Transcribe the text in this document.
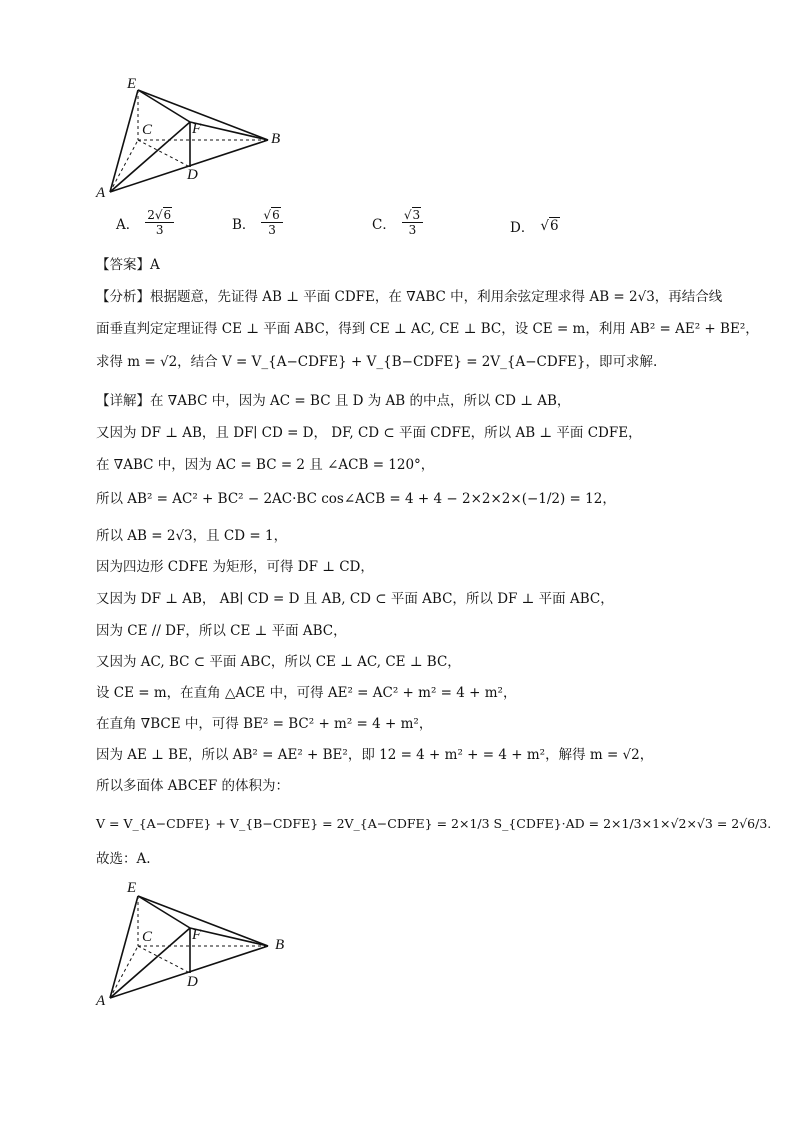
E
C	F
B
D
A
A． $\frac{2√6}{3}$	B． $\frac{√6}{3}$	C． $\frac{√3}{3}$	D． √6
【答案】A
【分析】根据题意，先证得 AB ⊥ 平面 CDFE，在 ∇ABC 中，利用余弦定理求得 AB = 2√3，再结合线
面垂直判定定理证得 CE ⊥ 平面 ABC，得到 CE ⊥ AC, CE ⊥ BC，设 CE = m，利用 AB² = AE² + BE²，
求得 m = √2，结合 V = V_{A−CDFE} + V_{B−CDFE} = 2V_{A−CDFE}，即可求解.
【详解】在 ∇ABC 中，因为 AC = BC 且 D 为 AB 的中点，所以 CD ⊥ AB，
又因为 DF ⊥ AB，且 DF∣ CD = D， DF, CD ⊂ 平面 CDFE，所以 AB ⊥ 平面 CDFE，
在 ∇ABC 中，因为 AC = BC = 2 且 ∠ACB = 120°，
所以 AB² = AC² + BC² − 2AC·BC cos∠ACB = 4 + 4 − 2×2×2×(−1/2) = 12，
所以 AB = 2√3，且 CD = 1，
因为四边形 CDFE 为矩形，可得 DF ⊥ CD，
又因为 DF ⊥ AB， AB∣ CD = D 且 AB, CD ⊂ 平面 ABC，所以 DF ⊥ 平面 ABC，
因为 CE // DF，所以 CE ⊥ 平面 ABC，
又因为 AC, BC ⊂ 平面 ABC，所以 CE ⊥ AC, CE ⊥ BC，
设 CE = m，在直角 △ACE 中，可得 AE² = AC² + m² = 4 + m²，
在直角 ∇BCE 中，可得 BE² = BC² + m² = 4 + m²，
因为 AE ⊥ BE，所以 AB² = AE² + BE²，即 12 = 4 + m² + = 4 + m²，解得 m = √2，
所以多面体 ABCEF 的体积为：
V = V_{A−CDFE} + V_{B−CDFE} = 2V_{A−CDFE} = 2×1/3 S_{CDFE}·AD = 2×1/3×1×√2×√3 = 2√6/3.
故选：A.
E
C	F
B
D
A
